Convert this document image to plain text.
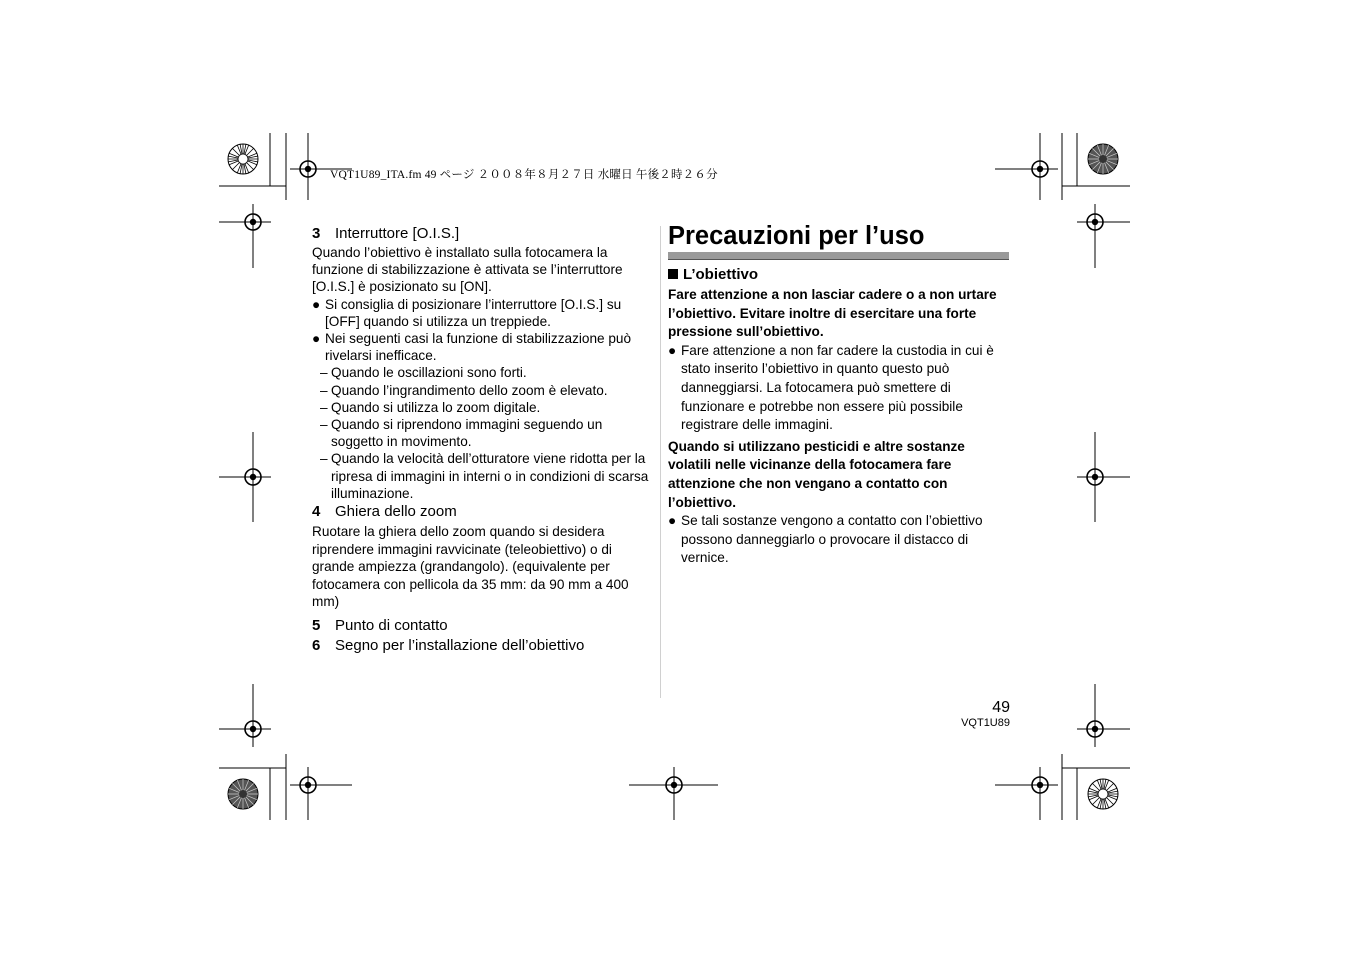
VQT1U89_ITA.fm 49 ページ ２００８年８月２７日 水曜日 午後２時２６分

3 Interruttore [O.I.S.]

Quando l’obiettivo è installato sulla fotocamera la funzione di stabilizzazione è attivata se l’interruttore [O.I.S.] è posizionato su [ON].

● Si consiglia di posizionare l’interruttore [O.I.S.] su [OFF] quando si utilizza un treppiede.

● Nei seguenti casi la funzione di stabilizzazione può rivelarsi inefficace.

– Quando le oscillazioni sono forti.

– Quando l’ingrandimento dello zoom è elevato.

– Quando si utilizza lo zoom digitale.

– Quando si riprendono immagini seguendo un soggetto in movimento.

– Quando la velocità dell’otturatore viene ridotta per la ripresa di immagini in interni o in condizioni di scarsa illuminazione.

4 Ghiera dello zoom

Ruotare la ghiera dello zoom quando si desidera riprendere immagini ravvicinate (teleobiettivo) o di grande ampiezza (grandangolo). (equivalente per fotocamera con pellicola da 35 mm: da 90 mm a 400 mm)

5 Punto di contatto

6 Segno per l’installazione dell’obiettivo

Precauzioni per l’uso

L’obiettivo

Fare attenzione a non lasciar cadere o a non urtare l’obiettivo. Evitare inoltre di esercitare una forte pressione sull’obiettivo.

● Fare attenzione a non far cadere la custodia in cui è stato inserito l’obiettivo in quanto questo può danneggiarsi. La fotocamera può smettere di funzionare e potrebbe non essere più possibile registrare delle immagini.

Quando si utilizzano pesticidi e altre sostanze volatili nelle vicinanze della fotocamera fare attenzione che non vengano a contatto con l’obiettivo.

● Se tali sostanze vengono a contatto con l’obiettivo possono danneggiarlo o provocare il distacco di vernice.

49
VQT1U89
